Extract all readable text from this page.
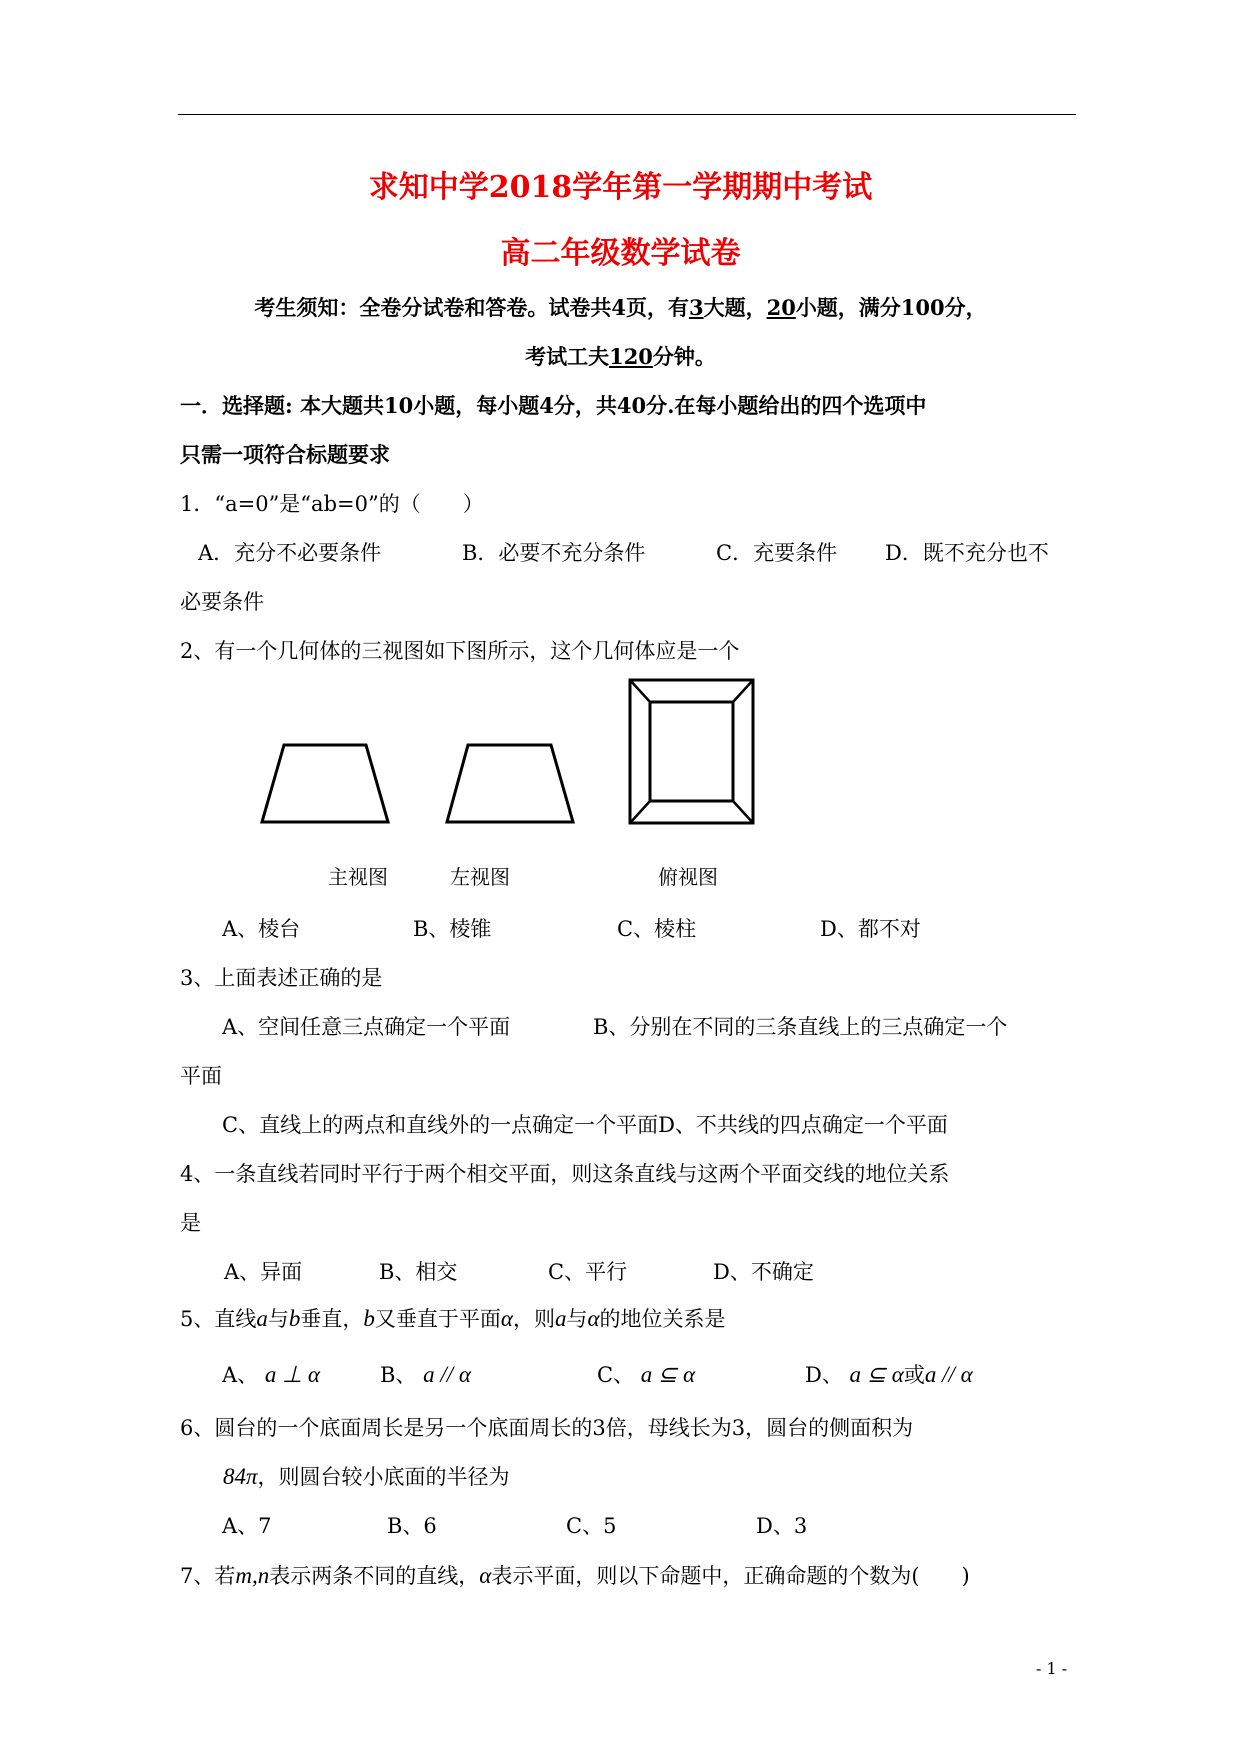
求知中学2018学年第一学期期中考试
高二年级数学试卷
考生须知：全卷分试卷和答卷。试卷共4页，有3大题，20小题，满分100分，
考试工夫120分钟。
一．选择题: 本大题共10小题，每小题4分，共40分.在每小题给出的四个选项中
只需一项符合标题要求
1．“a=0”是“ab=0”的（　　）
A．充分不必要条件	B．必要不充分条件	C．充要条件 D．既不充分也不
必要条件
2、有一个几何体的三视图如下图所示，这个几何体应是一个
主视图	左视图	俯视图
A、棱台	B、棱锥	C、棱柱	D、都不对
3、上面表述正确的是
A、空间任意三点确定一个平面	B、分别在不同的三条直线上的三点确定一个
平面
C、直线上的两点和直线外的一点确定一个平面D、不共线的四点确定一个平面
4、一条直线若同时平行于两个相交平面，则这条直线与这两个平面交线的地位关系
是
A、异面	B、相交	C、平行	D、不确定
5、直线a与b垂直，b又垂直于平面α，则a与α的地位关系是
A、 a ⊥ α	B、 a // α	C、 a ⊆ α	D、 a ⊆ α或a // α
6、圆台的一个底面周长是另一个底面周长的3倍，母线长为3，圆台的侧面积为
84π，则圆台较小底面的半径为
A、7	B、6	C、5	D、3
7、若m,n表示两条不同的直线，α表示平面，则以下命题中，正确命题的个数为(　　)
- 1 -
